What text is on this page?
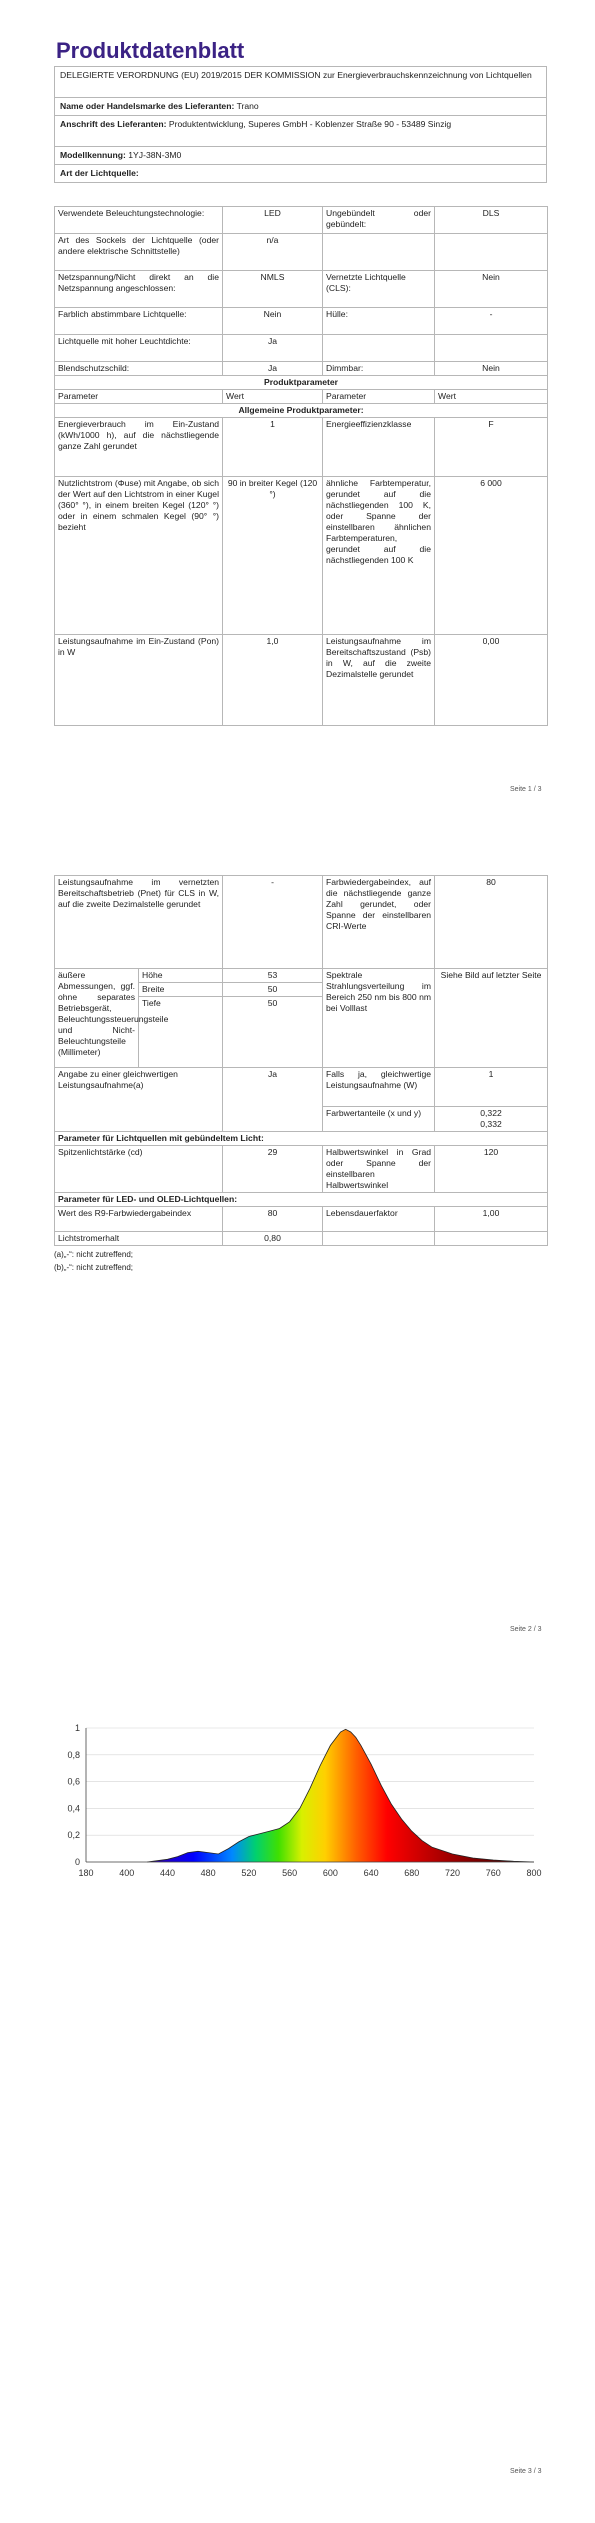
Produktdatenblatt
DELEGIERTE VERORDNUNG (EU) 2019/2015 DER KOMMISSION zur Energieverbrauchskennzeichnung von Lichtquellen
Name oder Handelsmarke des Lieferanten: Trano
Anschrift des Lieferanten: Produktentwicklung, Superes GmbH - Koblenzer Straße 90 - 53489 Sinzig
Modellkennung: 1YJ-38N-3M0
Art der Lichtquelle:
Verwendete Beleuchtungstechnologie:	LED	Ungebündelt oder gebündelt:	DLS
Art des Sockels der Lichtquelle (oder andere elektrische Schnittstelle)	n/a		
Netzspannung/Nicht direkt an die Netzspannung angeschlossen:	NMLS	Vernetzte Lichtquelle (CLS):	Nein
Farblich abstimmbare Lichtquelle:	Nein	Hülle:	-
Lichtquelle mit hoher Leuchtdichte:	Ja		
Blendschutzschild:	Ja	Dimmbar:	Nein
Produktparameter			
Parameter	Wert	Parameter	Wert
Allgemeine Produktparameter:			
Energieverbrauch im Ein-Zustand (kWh/1000 h), auf die nächstliegende ganze Zahl gerundet	1	Energieeffizienzklasse	F
Nutzlichtstrom (Φuse) mit Angabe, ob sich der Wert auf den Lichtstrom in einer Kugel (360° °), in einem breiten Kegel (120° °) oder in einem schmalen Kegel (90° °) bezieht	90 in breiter Kegel (120 °)	ähnliche Farbtemperatur, gerundet auf die nächstliegenden 100 K, oder Spanne der einstellbaren ähnlichen Farbtemperaturen, gerundet auf die nächstliegenden 100 K	6 000
Leistungsaufnahme im Ein-Zustand (Pon) in W	1,0	Leistungsaufnahme im Bereitschaftszustand (Psb) in W, auf die zweite Dezimalstelle gerundet	0,00
Seite 1 / 3
Leistungsaufnahme im vernetzten Bereitschaftsbetrieb (Pnet) für CLS in W, auf die zweite Dezimalstelle gerundet		-	Farbwiedergabeindex, auf die nächstliegende ganze Zahl gerundet, oder Spanne der einstellbaren CRI-Werte	80
äußere Abmessungen, ggf. ohne separates Betriebsgerät, Beleuchtungssteuerungsteile und Nicht-Beleuchtungsteile (Millimeter)	Höhe	53	Spektrale Strahlungsverteilung im Bereich 250 nm bis 800 nm bei Volllast	Siehe Bild auf letzter Seite
	Breite	50		
	Tiefe	50		
Angabe zu einer gleichwertigen Leistungsaufnahme(a)		Ja	Falls ja, gleichwertige Leistungsaufnahme (W)	1
			Farbwertanteile (x und y)	0,322
0,332

Parameter für Lichtquellen mit gebündeltem Licht:				
Spitzenlichtstärke (cd)		29	Halbwertswinkel in Grad oder Spanne der einstellbaren Halbwertswinkel	120
Parameter für LED- und OLED-Lichtquellen:				
Wert des R9-Farbwiedergabeindex		80	Lebensdauerfaktor	1,00
Lichtstromerhalt		0,80		
(a)„-“: nicht zutreffend;
(b)„-“: nicht zutreffend;
Seite 2 / 3
0
0,2
0,4
0,6
0,8
1
180	400	440	480	520	560	600	640	680	720	760	800
Seite 3 / 3
